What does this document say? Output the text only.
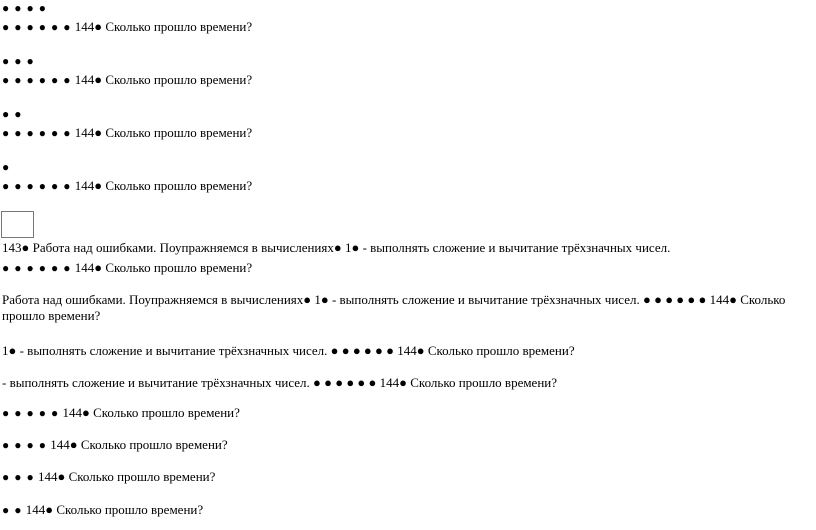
● ● ● ●
● ● ● ● ● ● 144● Сколько прошло времени?
● ● ●
● ● ● ● ● ● 144● Сколько прошло времени?
● ●
● ● ● ● ● ● 144● Сколько прошло времени?
●
● ● ● ● ● ● 144● Сколько прошло времени?
143● Работа над ошибками. Поупражняемся в вычислениях● 1● - выполнять сложение и вычитание трёхзначных чисел.
● ● ● ● ● ● 144● Сколько прошло времени?
Работа над ошибками. Поупражняемся в вычислениях● 1● - выполнять сложение и вычитание трёхзначных чисел. ● ● ● ● ● ● 144● Сколько прошло времени?
1● - выполнять сложение и вычитание трёхзначных чисел. ● ● ● ● ● ● 144● Сколько прошло времени?
- выполнять сложение и вычитание трёхзначных чисел. ● ● ● ● ● ● 144● Сколько прошло времени?
● ● ● ● ● 144● Сколько прошло времени?
● ● ● ● 144● Сколько прошло времени?
● ● ● 144● Сколько прошло времени?
● ● 144● Сколько прошло времени?
